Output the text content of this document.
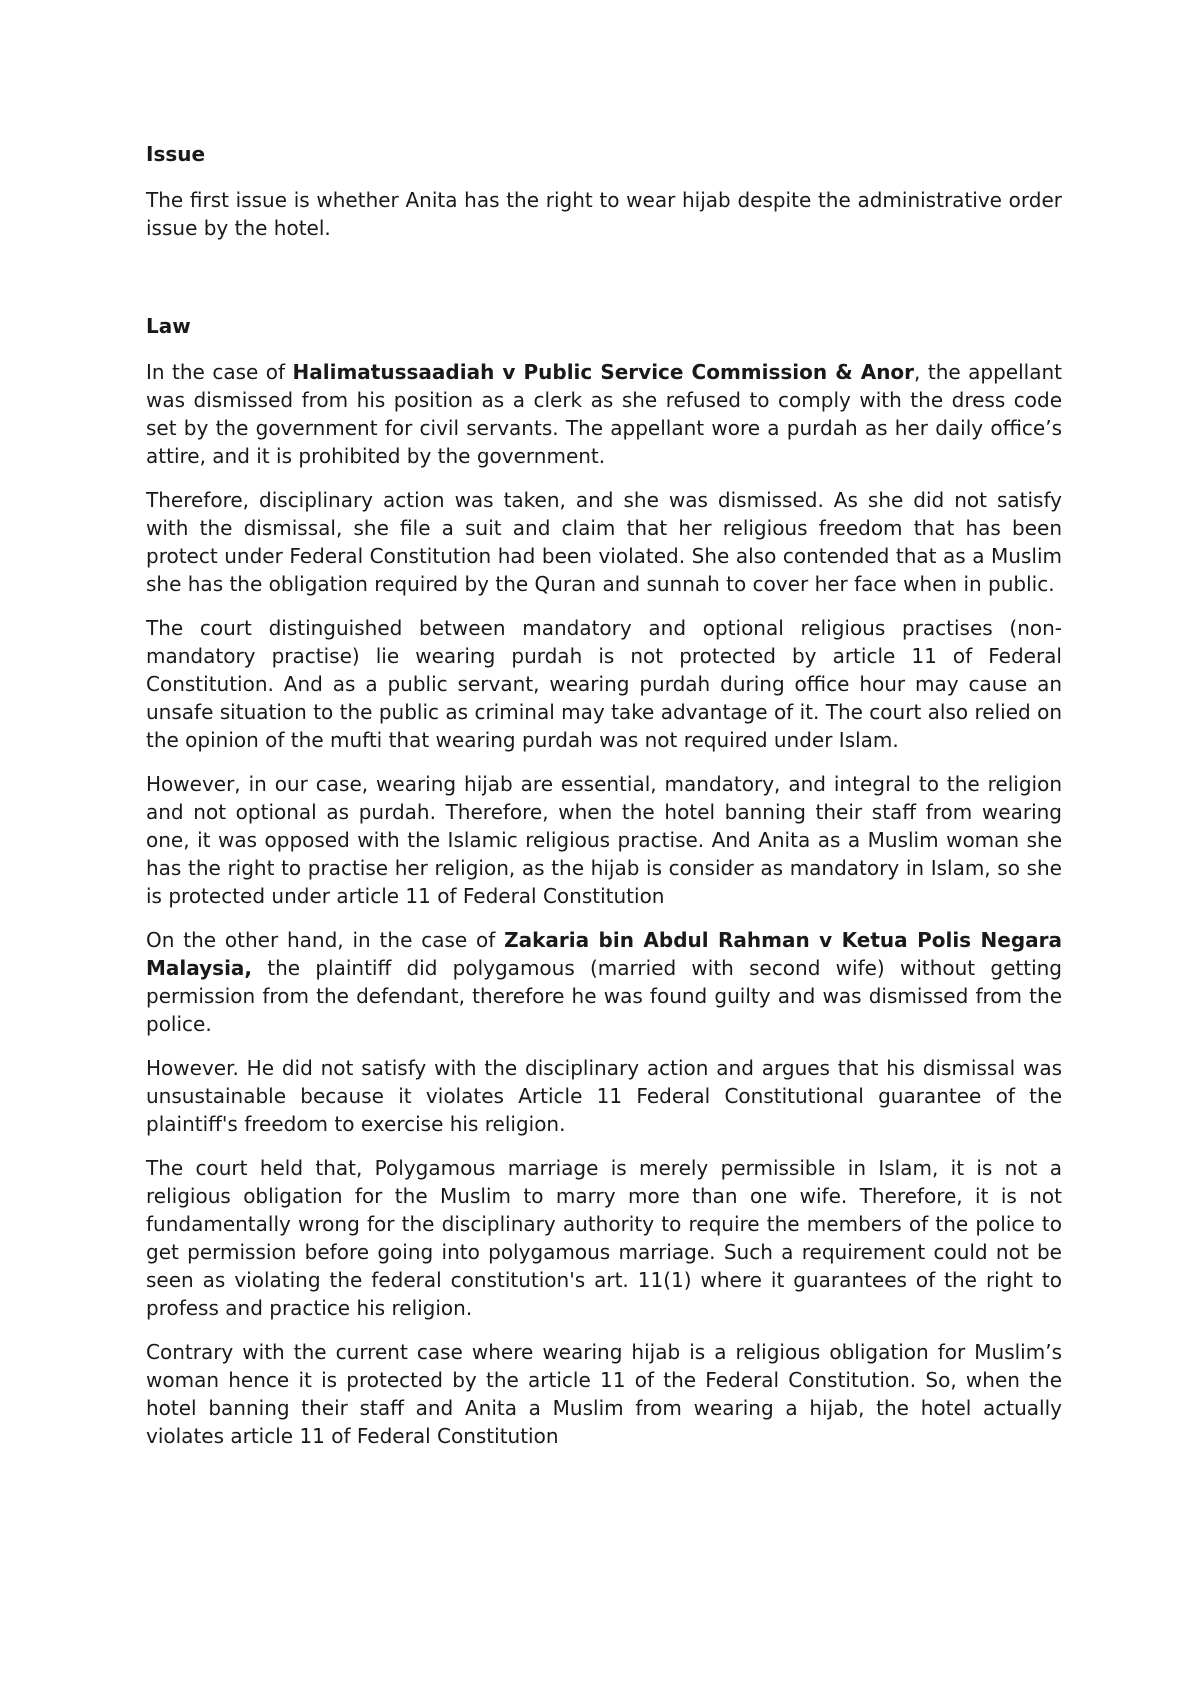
Issue

The first issue is whether Anita has the right to wear hijab despite the administrative order issue by the hotel.

Law

In the case of Halimatussaadiah v Public Service Commission & Anor, the appellant was dismissed from his position as a clerk as she refused to comply with the dress code set by the government for civil servants. The appellant wore a purdah as her daily office’s attire, and it is prohibited by the government.

Therefore, disciplinary action was taken, and she was dismissed. As she did not satisfy with the dismissal, she file a suit and claim that her religious freedom that has been protect under Federal Constitution had been violated. She also contended that as a Muslim she has the obligation required by the Quran and sunnah to cover her face when in public.

The court distinguished between mandatory and optional religious practises (non-mandatory practise) lie wearing purdah is not protected by article 11 of Federal Constitution. And as a public servant, wearing purdah during office hour may cause an unsafe situation to the public as criminal may take advantage of it. The court also relied on the opinion of the mufti that wearing purdah was not required under Islam.

However, in our case, wearing hijab are essential, mandatory, and integral to the religion and not optional as purdah. Therefore, when the hotel banning their staff from wearing one, it was opposed with the Islamic religious practise. And Anita as a Muslim woman she has the right to practise her religion, as the hijab is consider as mandatory in Islam, so she is protected under article 11 of Federal Constitution

On the other hand, in the case of Zakaria bin Abdul Rahman v Ketua Polis Negara Malaysia, the plaintiff did polygamous (married with second wife) without getting permission from the defendant, therefore he was found guilty and was dismissed from the police.

However. He did not satisfy with the disciplinary action and argues that his dismissal was unsustainable because it violates Article 11 Federal Constitutional guarantee of the plaintiff's freedom to exercise his religion.

The court held that, Polygamous marriage is merely permissible in Islam, it is not a religious obligation for the Muslim to marry more than one wife. Therefore, it is not fundamentally wrong for the disciplinary authority to require the members of the police to get permission before going into polygamous marriage. Such a requirement could not be seen as violating the federal constitution's art. 11(1) where it guarantees of the right to profess and practice his religion.

Contrary with the current case where wearing hijab is a religious obligation for Muslim’s woman hence it is protected by the article 11 of the Federal Constitution. So, when the hotel banning their staff and Anita a Muslim from wearing a hijab, the hotel actually violates article 11 of Federal Constitution
